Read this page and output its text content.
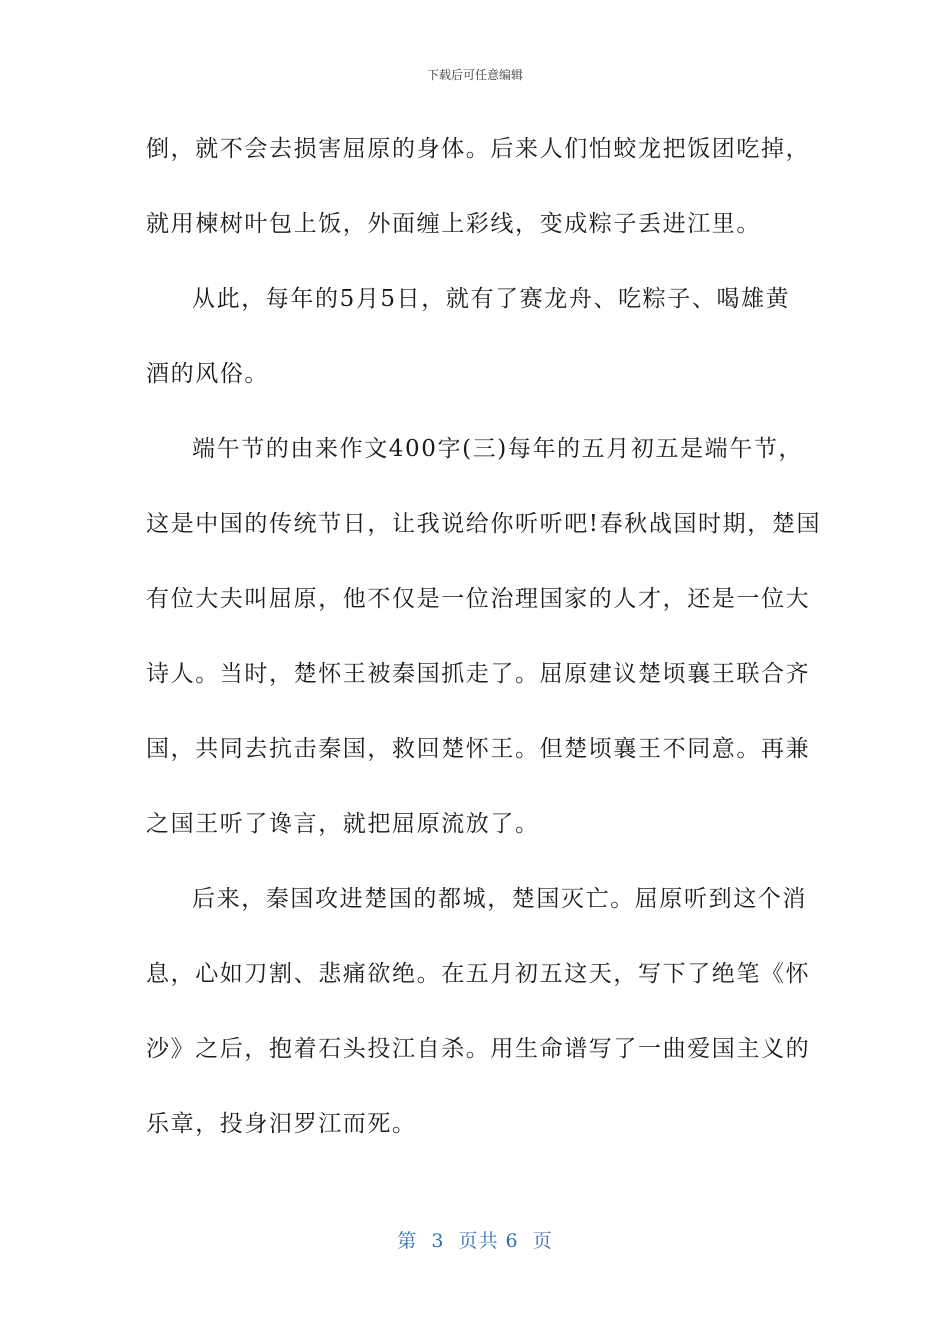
下载后可任意编辑
倒，就不会去损害屈原的身体。后来人们怕蛟龙把饭团吃掉，
就用楝树叶包上饭，外面缠上彩线，变成粽子丢进江里。
从此，每年的5月5日，就有了赛龙舟、吃粽子、喝雄黄
酒的风俗。
端午节的由来作文400字(三)每年的五月初五是端午节，
这是中国的传统节日，让我说给你听听吧!春秋战国时期，楚国
有位大夫叫屈原，他不仅是一位治理国家的人才，还是一位大
诗人。当时，楚怀王被秦国抓走了。屈原建议楚顷襄王联合齐
国，共同去抗击秦国，救回楚怀王。但楚顷襄王不同意。再兼
之国王听了谗言，就把屈原流放了。
后来，秦国攻进楚国的都城，楚国灭亡。屈原听到这个消
息，心如刀割、悲痛欲绝。在五月初五这天，写下了绝笔《怀
沙》之后，抱着石头投江自杀。用生命谱写了一曲爱国主义的
乐章，投身汨罗江而死。
第  3  页共 6  页
